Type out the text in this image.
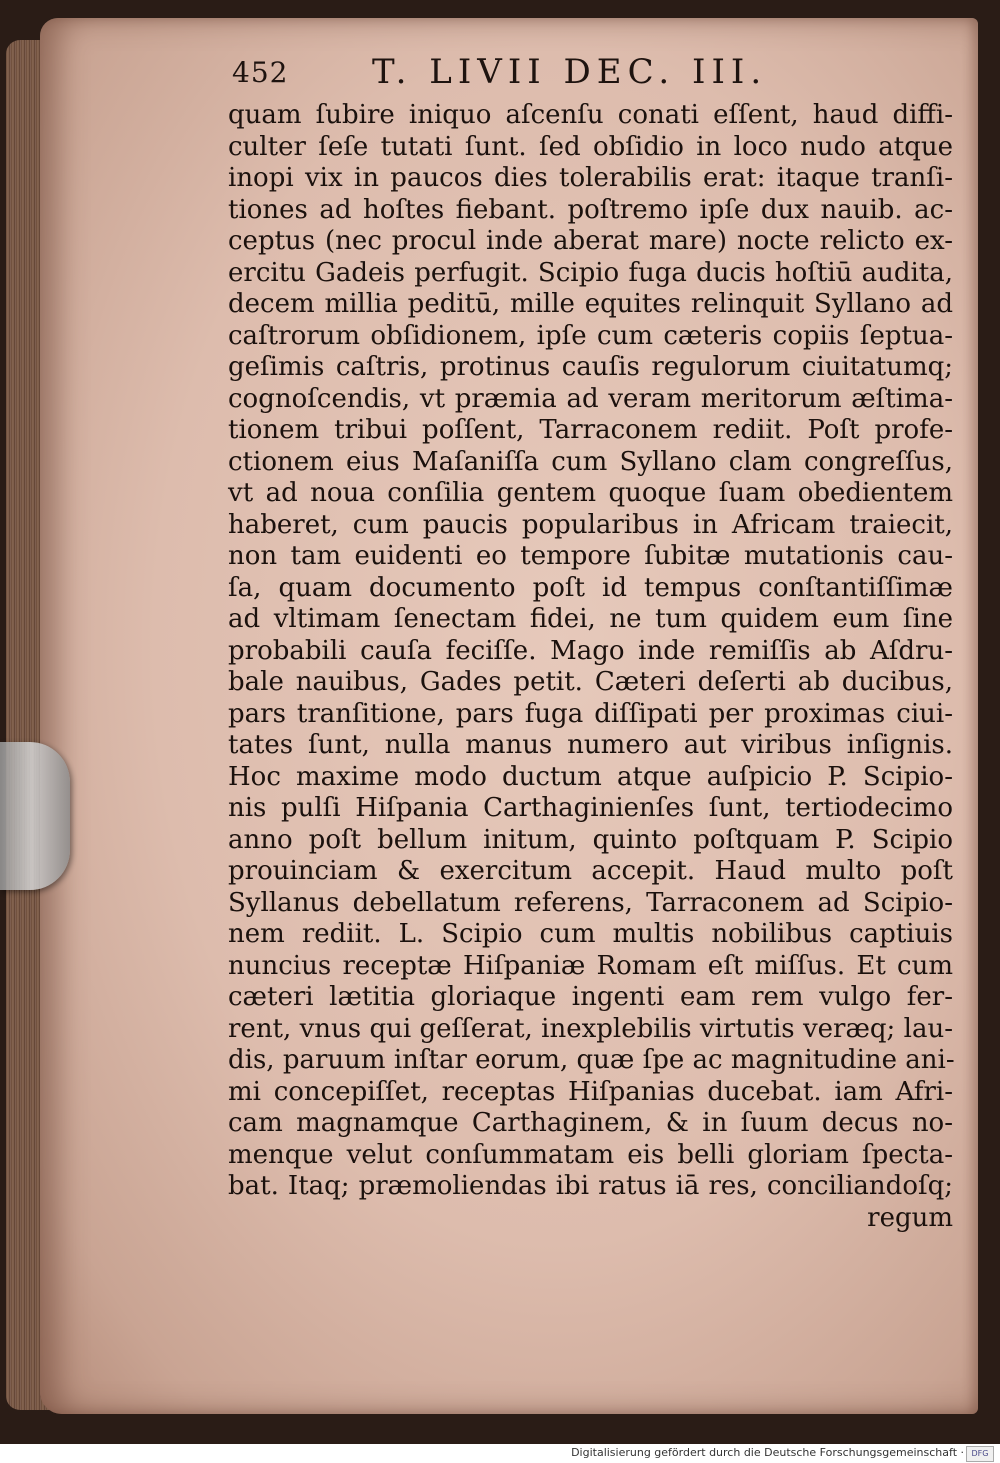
452 T. LIVII DEC. III.
quam ſubire iniquo aſcenſu conati eſſent, haud diffi-
culter ſeſe tutati ſunt. ſed obſidio in loco nudo atque
inopi vix in paucos dies tolerabilis erat: itaque tranſi-
tiones ad hoſtes fiebant. poſtremo ipſe dux nauib. ac-
ceptus (nec procul inde aberat mare) nocte relicto ex-
ercitu Gadeis perfugit. Scipio fuga ducis hoſtiū audita,
decem millia peditū, mille equites relinquit Syllano ad
caſtrorum obſidionem, ipſe cum cæteris copiis ſeptua-
geſimis caſtris, protinus cauſis regulorum ciuitatumq;
cognoſcendis, vt præmia ad veram meritorum æſtima-
tionem tribui poſſent, Tarraconem rediit. Poſt profe-
ctionem eius Maſaniſſa cum Syllano clam congreſſus,
vt ad noua conſilia gentem quoque ſuam obedientem
haberet, cum paucis popularibus in Africam traiecit,
non tam euidenti eo tempore ſubitæ mutationis cau-
ſa, quam documento poſt id tempus conſtantiſſimæ
ad vltimam ſenectam fidei, ne tum quidem eum ſine
probabili cauſa feciſſe. Mago inde remiſſis ab Aſdru-
bale nauibus, Gades petit. Cæteri deſerti ab ducibus,
pars tranſitione, pars fuga diſſipati per proximas ciui-
tates ſunt, nulla manus numero aut viribus inſignis.
Hoc maxime modo ductum atque auſpicio P. Scipio-
nis pulſi Hiſpania Carthaginienſes ſunt, tertiodecimo
anno poſt bellum initum, quinto poſtquam P. Scipio
prouinciam & exercitum accepit. Haud multo poſt
Syllanus debellatum referens, Tarraconem ad Scipio-
nem rediit. L. Scipio cum multis nobilibus captiuis
nuncius receptæ Hiſpaniæ Romam eſt miſſus. Et cum
cæteri lætitia gloriaque ingenti eam rem vulgo fer-
rent, vnus qui geſſerat, inexplebilis virtutis veræq; lau-
dis, paruum inſtar eorum, quæ ſpe ac magnitudine ani-
mi concepiſſet, receptas Hiſpanias ducebat. iam Afri-
cam magnamque Carthaginem, & in ſuum decus no-
menque velut conſummatam eis belli gloriam ſpecta-
bat. Itaq; præmoliendas ibi ratus iā res, conciliandoſq;
regum
Digitalisierung gefördert durch die Deutsche Forschungsgemeinschaft · DFG
